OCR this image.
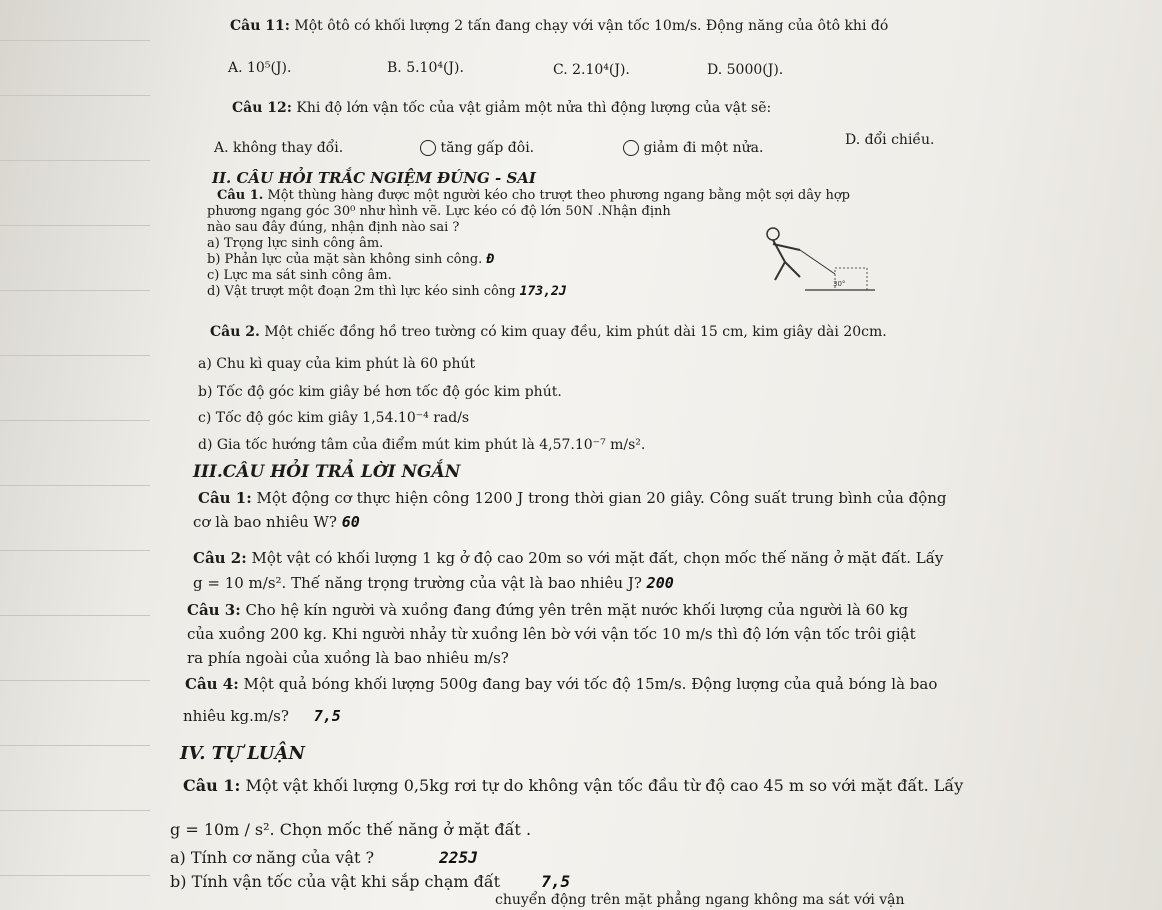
Câu 11: Một ôtô có khối lượng 2 tấn đang chạy với vận tốc 10m/s. Động năng của ôtô khi đó
A. 10⁵(J).	B. 5.10⁴(J).	C. 2.10⁴(J).	D. 5000(J).
Câu 12: Khi độ lớn vận tốc của vật giảm một nửa thì động lượng của vật sẽ:
A. không thay đổi.	tăng gấp đôi.	giảm đi một nửa.	D. đổi chiều.
II. CÂU HỎI TRẮC NGIỆM ĐÚNG - SAI
Câu 1. Một thùng hàng được một người kéo cho trượt theo phương ngang bằng một sợi dây hợp
phương ngang góc 30⁰ như hình vẽ. Lực kéo có độ lớn 50N .Nhận định
nào sau đây đúng, nhận định nào sai ?
a) Trọng lực sinh công âm.
b) Phản lực của mặt sàn không sinh công. Đ
c) Lực ma sát sinh công âm.
d) Vật trượt một đoạn 2m thì lực kéo sinh công 173,2J	30°
Câu 2. Một chiếc đồng hồ treo tường có kim quay đều, kim phút dài 15 cm, kim giây dài 20cm.
a) Chu kì quay của kim phút là 60 phút
b) Tốc độ góc kim giây bé hơn tốc độ góc kim phút.
c) Tốc độ góc kim giây 1,54.10⁻⁴ rad/s
d) Gia tốc hướng tâm của điểm mút kim phút là 4,57.10⁻⁷ m/s².
III.CÂU HỎI TRẢ LỜI NGẮN
Câu 1: Một động cơ thực hiện công 1200 J trong thời gian 20 giây. Công suất trung bình của động
cơ là bao nhiêu W? 60
Câu 2: Một vật có khối lượng 1 kg ở độ cao 20m so với mặt đất, chọn mốc thế năng ở mặt đất. Lấy
g = 10 m/s². Thế năng trọng trường của vật là bao nhiêu J? 200
Câu 3: Cho hệ kín người và xuồng đang đứng yên trên mặt nước khối lượng của người là 60 kg
của xuồng 200 kg. Khi người nhảy từ xuồng lên bờ với vận tốc 10 m/s thì độ lớn vận tốc trôi giật
ra phía ngoài của xuồng là bao nhiêu m/s?
Câu 4: Một quả bóng khối lượng 500g đang bay với tốc độ 15m/s. Động lượng của quả bóng là bao
nhiêu kg.m/s? 7,5
IV. TỰ LUẬN
Câu 1: Một vật khối lượng 0,5kg rơi tự do không vận tốc đầu từ độ cao 45 m so với mặt đất. Lấy
g = 10m / s². Chọn mốc thế năng ở mặt đất .
a) Tính cơ năng của vật ?	225J
b) Tính vận tốc của vật khi sắp chạm đất	7,5
chuyển động trên mặt phẳng ngang không ma sát với vận
